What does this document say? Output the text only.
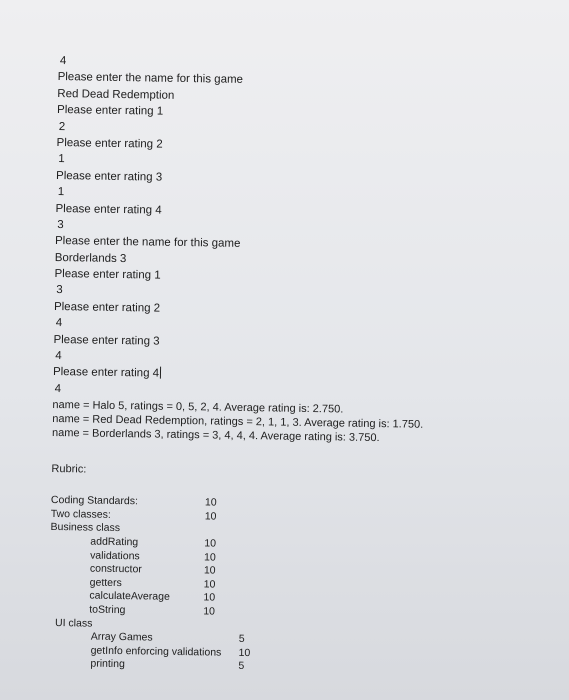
4
Please enter the name for this game
Red Dead Redemption
Please enter rating 1
2
Please enter rating 2
1
Please enter rating 3
1
Please enter rating 4
3
Please enter the name for this game
Borderlands 3
Please enter rating 1
3
Please enter rating 2
4
Please enter rating 3
4
Please enter rating 4
4
name = Halo 5, ratings = 0, 5, 2, 4. Average rating is: 2.750.
name = Red Dead Redemption, ratings = 2, 1, 1, 3. Average rating is: 1.750.
name = Borderlands 3, ratings = 3, 4, 4, 4. Average rating is: 3.750.
Rubric:
Coding Standards:	10
Two classes:	10
Business class
addRating	10
validations	10
constructor	10
getters	10
calculateAverage	10
toString	10
UI class
Array Games	5
getInfo enforcing validations 10
printing	5
